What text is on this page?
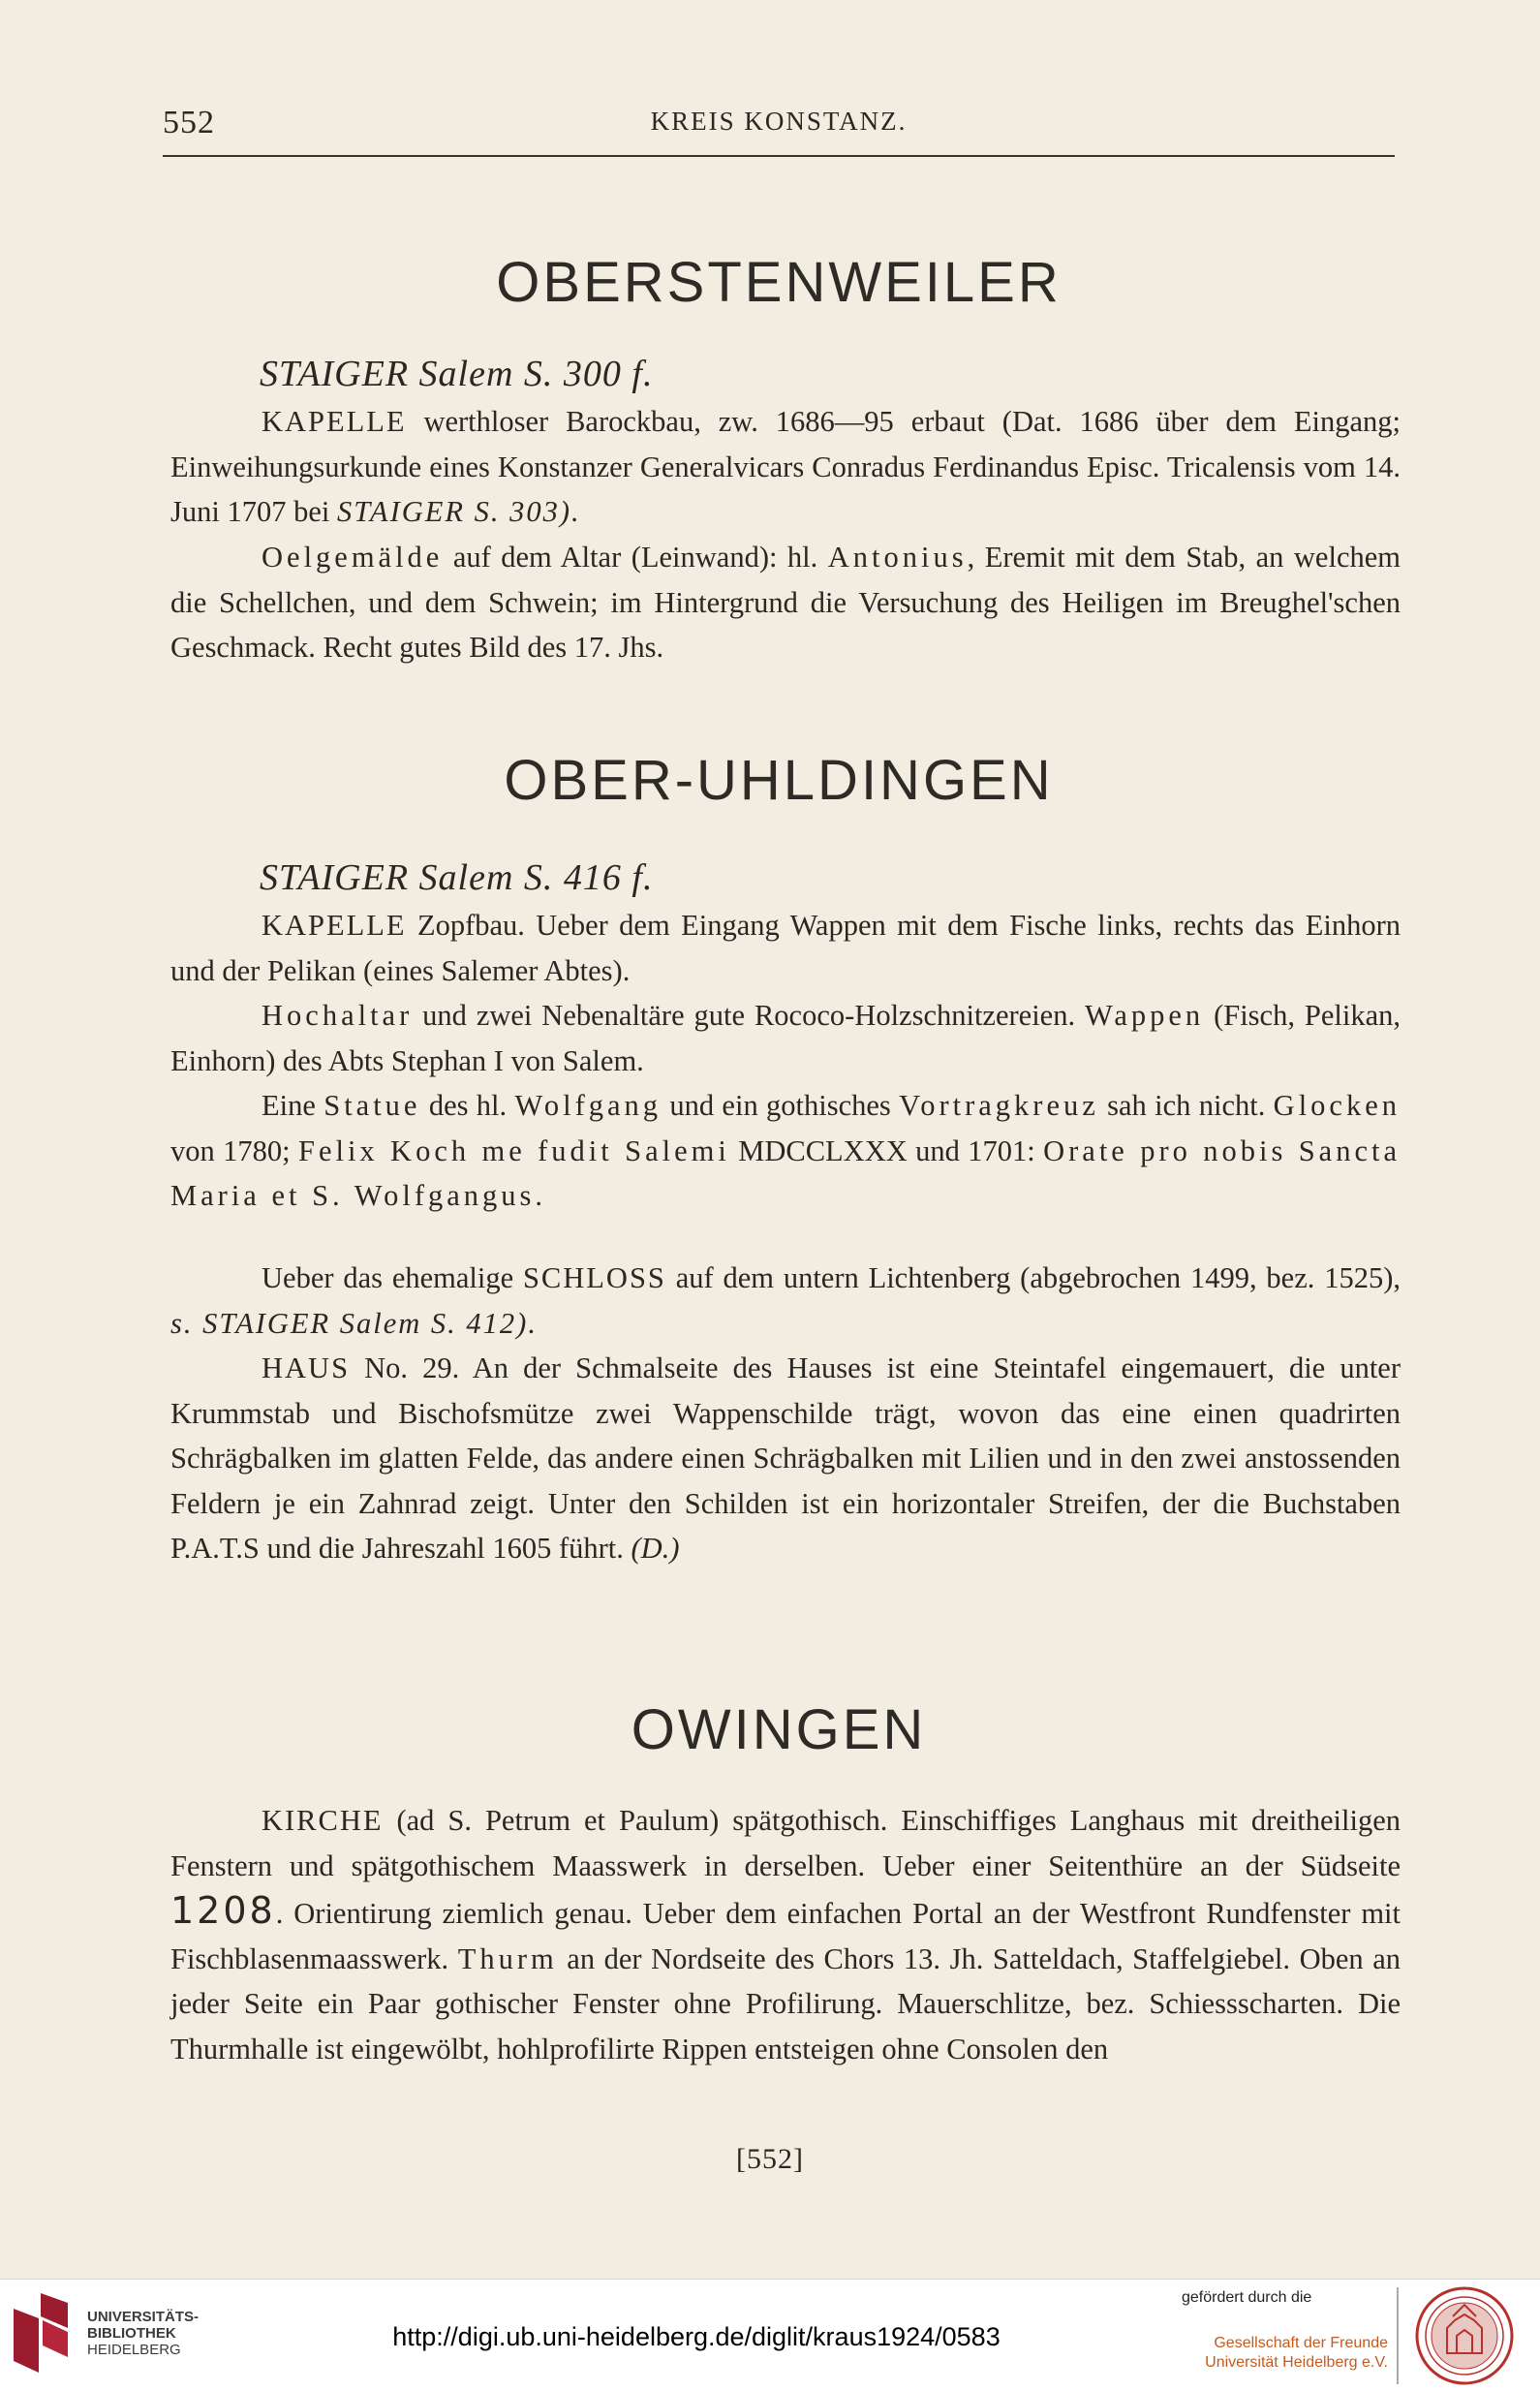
552	KREIS KONSTANZ.
OBERSTENWEILER
STAIGER Salem S. 300 f.

KAPELLE werthloser Barockbau, zw. 1686—95 erbaut (Dat. 1686 über dem Eingang; Einweihungsurkunde eines Konstanzer Generalvicars Conradus Ferdinandus Episc. Tricalensis vom 14. Juni 1707 bei STAIGER S. 303).

Oelgemälde auf dem Altar (Leinwand): hl. Antonius, Eremit mit dem Stab, an welchem die Schellchen, und dem Schwein; im Hintergrund die Versuchung des Heiligen im Breughel'schen Geschmack. Recht gutes Bild des 17. Jhs.

OBER-UHLDINGEN
STAIGER Salem S. 416 f.

KAPELLE Zopfbau. Ueber dem Eingang Wappen mit dem Fische links, rechts das Einhorn und der Pelikan (eines Salemer Abtes).

Hochaltar und zwei Nebenaltäre gute Rococo-Holzschnitzereien. Wappen (Fisch, Pelikan, Einhorn) des Abts Stephan I von Salem.

Eine Statue des hl. Wolfgang und ein gothisches Vortragkreuz sah ich nicht. Glocken von 1780; Felix Koch me fudit Salemi MDCCLXXX und 1701: Orate pro nobis Sancta Maria et S. Wolfgangus.

Ueber das ehemalige SCHLOSS auf dem untern Lichtenberg (abgebrochen 1499, bez. 1525), s. STAIGER Salem S. 412).

HAUS No. 29. An der Schmalseite des Hauses ist eine Steintafel eingemauert, die unter Krummstab und Bischofsmütze zwei Wappenschilde trägt, wovon das eine einen quadrirten Schrägbalken im glatten Felde, das andere einen Schrägbalken mit Lilien und in den zwei anstossenden Feldern je ein Zahnrad zeigt. Unter den Schilden ist ein horizontaler Streifen, der die Buchstaben P.A.T.S und die Jahreszahl 1605 führt. (D.)

OWINGEN

KIRCHE (ad S. Petrum et Paulum) spätgothisch. Einschiffiges Langhaus mit dreitheiligen Fenstern und spätgothischem Maasswerk in derselben. Ueber einer Seitenthüre an der Südseite 1208. Orientirung ziemlich genau. Ueber dem einfachen Portal an der Westfront Rundfenster mit Fischblasenmaasswerk. Thurm an der Nordseite des Chors 13. Jh. Satteldach, Staffelgiebel. Oben an jeder Seite ein Paar gothischer Fenster ohne Profilirung. Mauerschlitze, bez. Schiessscharten. Die Thurmhalle ist eingewölbt, hohlprofilirte Rippen entsteigen ohne Consolen den

[552]
UNIVERSITÄTS-
BIBLIOTHEK
HEIDELBERG	http://digi.ub.uni-heidelberg.de/diglit/kraus1924/0583
gefördert durch die
Gesellschaft der Freunde
Universität Heidelberg e.V.
